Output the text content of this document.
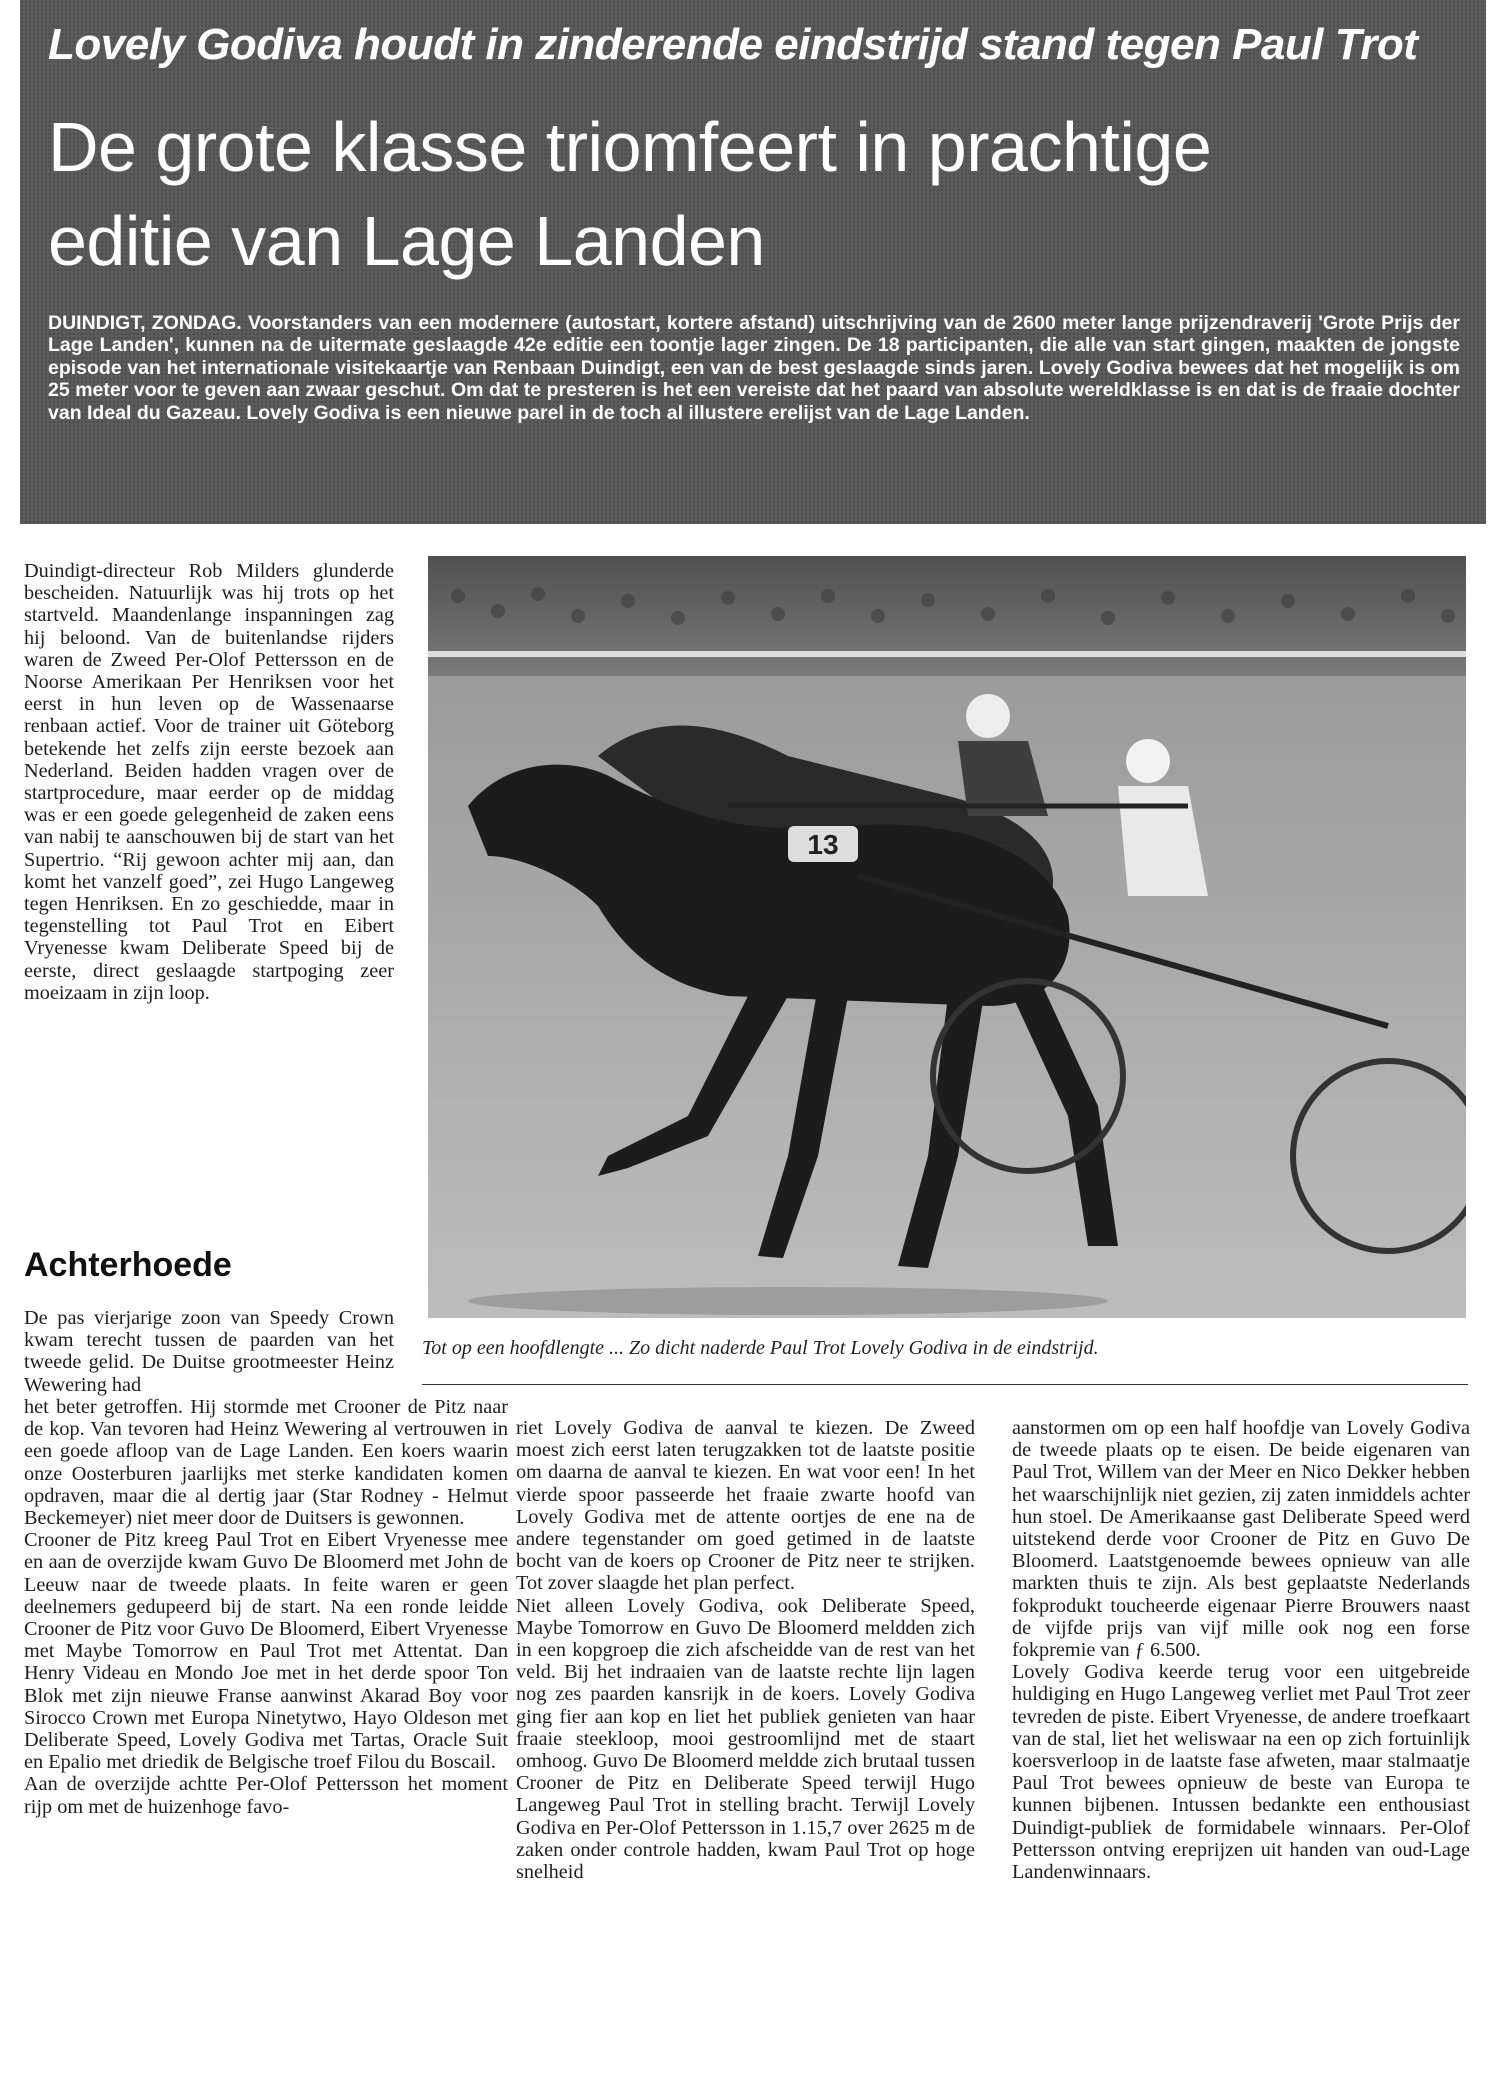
Lovely Godiva houdt in zinderende eindstrijd stand tegen Paul Trot
De grote klasse triomfeert in prachtige
editie van Lage Landen
DUINDIGT, ZONDAG. Voorstanders van een modernere (autostart, kortere afstand) uitschrijving van de 2600 meter lange prijzendraverij 'Grote Prijs der Lage Landen', kunnen na de uitermate geslaagde 42e editie een toontje lager zingen. De 18 participanten, die alle van start gingen, maakten de jongste episode van het internationale visitekaartje van Renbaan Duindigt, een van de best geslaagde sinds jaren. Lovely Godiva bewees dat het mogelijk is om 25 meter voor te geven aan zwaar geschut. Om dat te presteren is het een vereiste dat het paard van absolute wereldklasse is en dat is de fraaie dochter van Ideal du Gazeau. Lovely Godiva is een nieuwe parel in de toch al illustere erelijst van de Lage Landen.

Duindigt-directeur Rob Milders glunderde bescheiden. Natuurlijk was hij trots op het startveld. Maandenlange inspanningen zag hij beloond. Van de buitenlandse rijders waren de Zweed Per-Olof Pettersson en de Noorse Amerikaan Per Henriksen voor het eerst in hun leven op de Wassenaarse renbaan actief. Voor de trainer uit Göteborg betekende het zelfs zijn eerste bezoek aan Nederland. Beiden hadden vragen over de startprocedure, maar eerder op de middag was er een goede gelegenheid de zaken eens van nabij te aanschouwen bij de start van het Supertrio. “Rij gewoon achter mij aan, dan komt het vanzelf goed”, zei Hugo Langeweg tegen Henriksen. En zo geschiedde, maar in tegenstelling tot Paul Trot en Eibert Vryenesse kwam Deliberate Speed bij de eerste, direct geslaagde startpoging zeer moeizaam in zijn loop.

Achterhoede

De pas vierjarige zoon van Speedy Crown kwam terecht tussen de paarden van het tweede gelid. De Duitse grootmeester Heinz Wewering had

het beter getroffen. Hij stormde met Crooner de Pitz naar de kop. Van tevoren had Heinz Wewering al vertrouwen in een goede afloop van de Lage Landen. Een koers waarin onze Oosterburen jaarlijks met sterke kandidaten komen opdraven, maar die al dertig jaar (Star Rodney - Helmut Beckemeyer) niet meer door de Duitsers is gewonnen.

Crooner de Pitz kreeg Paul Trot en Eibert Vryenesse mee en aan de overzijde kwam Guvo De Bloomerd met John de Leeuw naar de tweede plaats. In feite waren er geen deelnemers gedupeerd bij de start. Na een ronde leidde Crooner de Pitz voor Guvo De Bloomerd, Eibert Vryenesse met Maybe Tomorrow en Paul Trot met Attentat. Dan Henry Videau en Mondo Joe met in het derde spoor Ton Blok met zijn nieuwe Franse aanwinst Akarad Boy voor Sirocco Crown met Europa Ninetytwo, Hayo Oldeson met Deliberate Speed, Lovely Godiva met Tartas, Oracle Suit en Epalio met driedik de Belgische troef Filou du Boscail.

Aan de overzijde achtte Per-Olof Pettersson het moment rijp om met de huizenhoge favo-

riet Lovely Godiva de aanval te kiezen. De Zweed moest zich eerst laten terugzakken tot de laatste positie om daarna de aanval te kiezen. En wat voor een! In het vierde spoor passeerde het fraaie zwarte hoofd van Lovely Godiva met de attente oortjes de ene na de andere tegenstander om goed getimed in de laatste bocht van de koers op Crooner de Pitz neer te strijken. Tot zover slaagde het plan perfect.

Niet alleen Lovely Godiva, ook Deliberate Speed, Maybe Tomorrow en Guvo De Bloomerd meldden zich in een kopgroep die zich afscheidde van de rest van het veld. Bij het indraaien van de laatste rechte lijn lagen nog zes paarden kansrijk in de koers. Lovely Godiva ging fier aan kop en liet het publiek genieten van haar fraaie steekloop, mooi gestroomlijnd met de staart omhoog. Guvo De Bloomerd meldde zich brutaal tussen Crooner de Pitz en Deliberate Speed terwijl Hugo Langeweg Paul Trot in stelling bracht. Terwijl Lovely Godiva en Per-Olof Pettersson in 1.15,7 over 2625 m de zaken onder controle hadden, kwam Paul Trot op hoge snelheid

aanstormen om op een half hoofdje van Lovely Godiva de tweede plaats op te eisen. De beide eigenaren van Paul Trot, Willem van der Meer en Nico Dekker hebben het waarschijnlijk niet gezien, zij zaten inmiddels achter hun stoel. De Amerikaanse gast Deliberate Speed werd uitstekend derde voor Crooner de Pitz en Guvo De Bloomerd. Laatstgenoemde bewees opnieuw van alle markten thuis te zijn. Als best geplaatste Nederlands fokprodukt toucheerde eigenaar Pierre Brouwers naast de vijfde prijs van vijf mille ook nog een forse fokpremie van ƒ 6.500.

Lovely Godiva keerde terug voor een uitgebreide huldiging en Hugo Langeweg verliet met Paul Trot zeer tevreden de piste. Eibert Vryenesse, de andere troefkaart van de stal, liet het weliswaar na een op zich fortuinlijk koersverloop in de laatste fase afweten, maar stalmaatje Paul Trot bewees opnieuw de beste van Europa te kunnen bijbenen. Intussen bedankte een enthousiast Duindigt-publiek de formidabele winnaars. Per-Olof Pettersson ontving ereprijzen uit handen van oud-Lage Landenwinnaars.

13
Tot op een hoofdlengte ... Zo dicht naderde Paul Trot Lovely Godiva in de eindstrijd.
